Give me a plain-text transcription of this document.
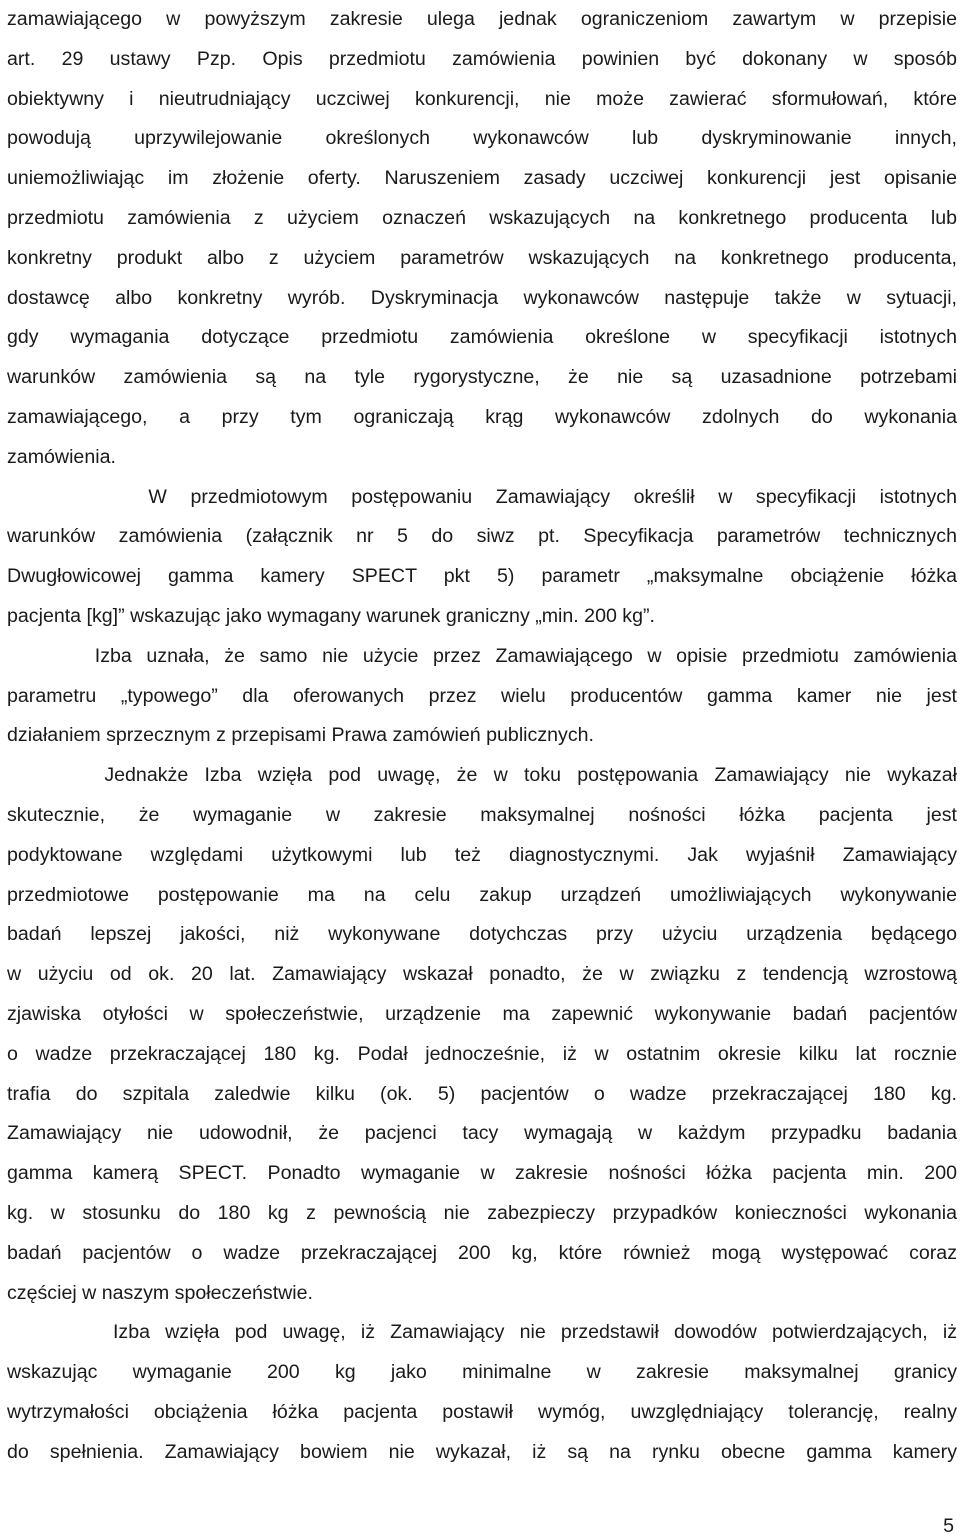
zamawiającego w powyższym zakresie ulega jednak ograniczeniom zawartym w przepisie
art. 29 ustawy Pzp. Opis przedmiotu zamówienia powinien być dokonany w sposób
obiektywny i nieutrudniający uczciwej konkurencji, nie może zawierać sformułowań, które
powodują uprzywilejowanie określonych wykonawców lub dyskryminowanie innych,
uniemożliwiając im złożenie oferty. Naruszeniem zasady uczciwej konkurencji jest opisanie
przedmiotu zamówienia z użyciem oznaczeń wskazujących na konkretnego producenta lub
konkretny produkt albo z użyciem parametrów wskazujących na konkretnego producenta,
dostawcę albo konkretny wyrób. Dyskryminacja wykonawców następuje także w sytuacji,
gdy wymagania dotyczące przedmiotu zamówienia określone w specyfikacji istotnych
warunków zamówienia są na tyle rygorystyczne, że nie są uzasadnione potrzebami
zamawiającego, a przy tym ograniczają krąg wykonawców zdolnych do wykonania
zamówienia.
W przedmiotowym postępowaniu Zamawiający określił w specyfikacji istotnych
warunków zamówienia (załącznik nr 5 do siwz pt. Specyfikacja parametrów technicznych
Dwugłowicowej gamma kamery SPECT pkt 5) parametr „maksymalne obciążenie łóżka
pacjenta [kg]” wskazując jako wymagany warunek graniczny „min. 200 kg”.
Izba uznała, że samo nie użycie przez Zamawiającego w opisie przedmiotu zamówienia
parametru „typowego” dla oferowanych przez wielu producentów gamma kamer nie jest
działaniem sprzecznym z przepisami Prawa zamówień publicznych.
Jednakże Izba wzięła pod uwagę, że w toku postępowania Zamawiający nie wykazał
skutecznie, że wymaganie w zakresie maksymalnej nośności łóżka pacjenta jest
podyktowane względami użytkowymi lub też diagnostycznymi. Jak wyjaśnił Zamawiający
przedmiotowe postępowanie ma na celu zakup urządzeń umożliwiających wykonywanie
badań lepszej jakości, niż wykonywane dotychczas przy użyciu urządzenia będącego
w użyciu od ok. 20 lat. Zamawiający wskazał ponadto, że w związku z tendencją wzrostową
zjawiska otyłości w społeczeństwie, urządzenie ma zapewnić wykonywanie badań pacjentów
o wadze przekraczającej 180 kg. Podał jednocześnie, iż w ostatnim okresie kilku lat rocznie
trafia do szpitala zaledwie kilku (ok. 5) pacjentów o wadze przekraczającej 180 kg.
Zamawiający nie udowodnił, że pacjenci tacy wymagają w każdym przypadku badania
gamma kamerą SPECT. Ponadto wymaganie w zakresie nośności łóżka pacjenta min. 200
kg. w stosunku do 180 kg z pewnością nie zabezpieczy przypadków konieczności wykonania
badań pacjentów o wadze przekraczającej 200 kg, które również mogą występować coraz
częściej w naszym społeczeństwie.
Izba wzięła pod uwagę, iż Zamawiający nie przedstawił dowodów potwierdzających, iż
wskazując wymaganie 200 kg jako minimalne w zakresie maksymalnej granicy
wytrzymałości obciążenia łóżka pacjenta postawił wymóg, uwzględniający tolerancję, realny
do spełnienia. Zamawiający bowiem nie wykazał, iż są na rynku obecne gamma kamery
5
